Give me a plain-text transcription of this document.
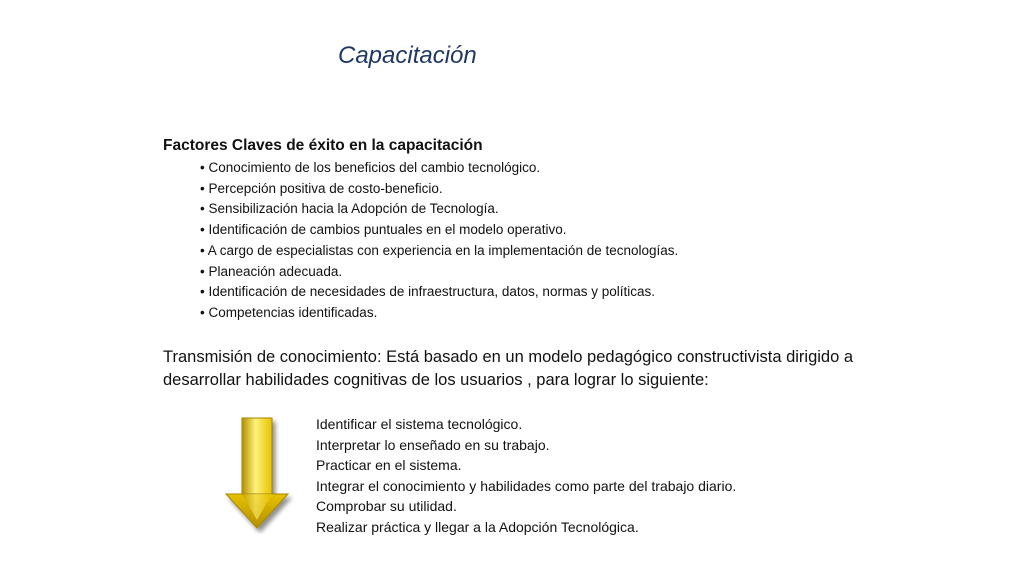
Capacitación
Factores Claves de éxito en la capacitación
• Conocimiento de los beneficios del cambio tecnológico.
• Percepción positiva de costo-beneficio.
• Sensibilización hacia la Adopción de Tecnología.
• Identificación de cambios puntuales en el modelo operativo.
• A cargo de especialistas con experiencia en la implementación de tecnologías.
• Planeación adecuada.
• Identificación de necesidades de infraestructura, datos, normas y políticas.
• Competencias identificadas.
Transmisión de conocimiento: Está basado en un modelo pedagógico constructivista dirigido a desarrollar habilidades cognitivas de los usuarios , para lograr lo siguiente:
Identificar el sistema tecnológico.
Interpretar lo enseñado en su trabajo.
Practicar en el sistema.
Integrar el conocimiento y habilidades como parte del trabajo diario.
Comprobar su utilidad.
Realizar práctica y llegar a la Adopción Tecnológica.
